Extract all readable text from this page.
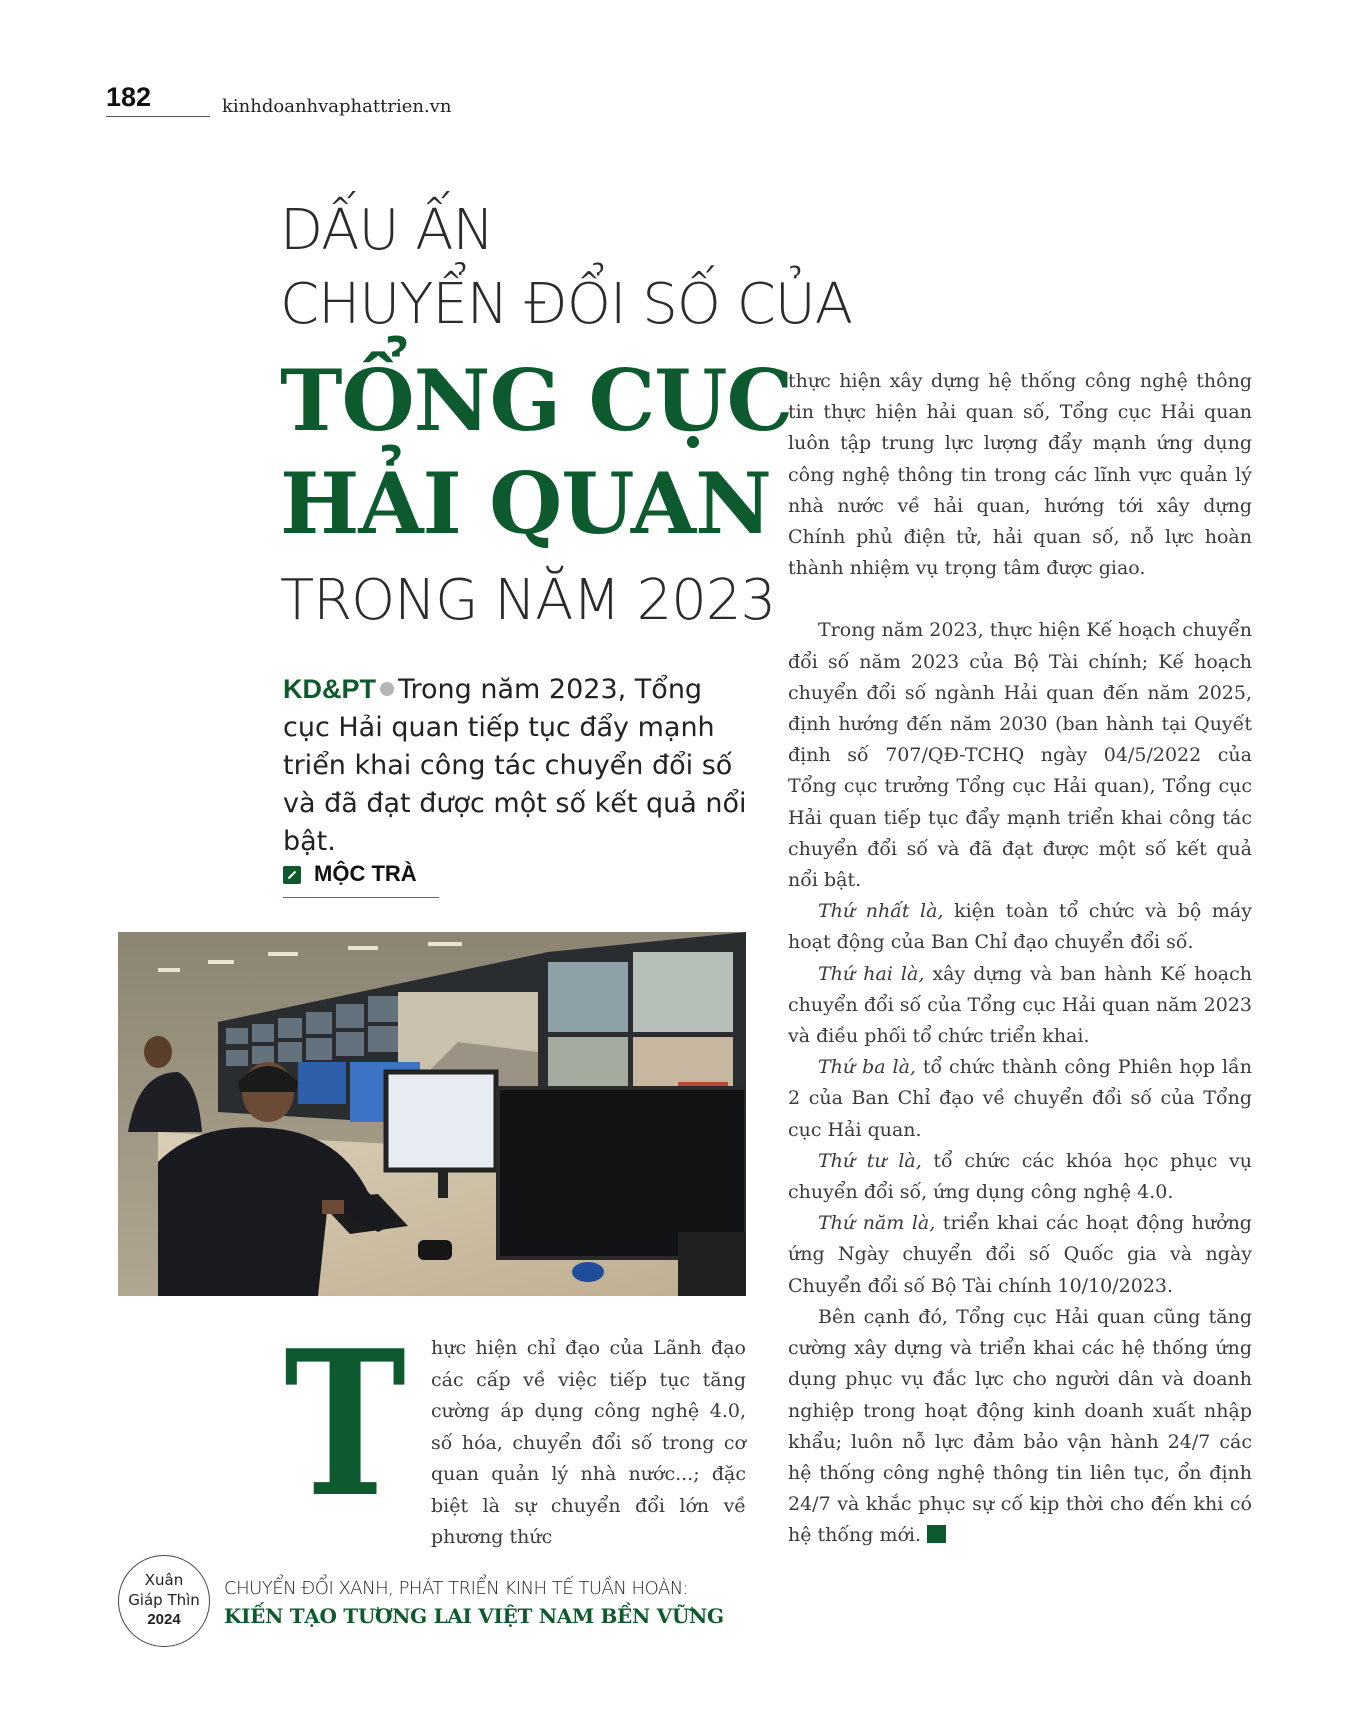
182	kinhdoanhvaphattrien.vn
DẤU ẤN
CHUYỂN ĐỔI SỐ CỦA
TỔNG CỤC
HẢI QUAN
TRONG NĂM 2023
KD&PT Trong năm 2023, Tổng cục Hải quan tiếp tục đẩy mạnh triển khai công tác chuyển đổi số và đã đạt được một số kết quả nổi bật.
MỘC TRÀ
T hực hiện chỉ đạo của Lãnh đạo các cấp về việc tiếp tục tăng cường áp dụng công nghệ 4.0, số hóa, chuyển đổi số trong cơ quan quản lý nhà nước...; đặc biệt là sự chuyển đổi lớn về phương thức

thực hiện xây dựng hệ thống công nghệ thông tin thực hiện hải quan số, Tổng cục Hải quan luôn tập trung lực lượng đẩy mạnh ứng dụng công nghệ thông tin trong các lĩnh vực quản lý nhà nước về hải quan, hướng tới xây dựng Chính phủ điện tử, hải quan số, nỗ lực hoàn thành nhiệm vụ trọng tâm được giao.

Trong năm 2023, thực hiện Kế hoạch chuyển đổi số năm 2023 của Bộ Tài chính; Kế hoạch chuyển đổi số ngành Hải quan đến năm 2025, định hướng đến năm 2030 (ban hành tại Quyết định số 707/QĐ-TCHQ ngày 04/5/2022 của Tổng cục trưởng Tổng cục Hải quan), Tổng cục Hải quan tiếp tục đẩy mạnh triển khai công tác chuyển đổi số và đã đạt được một số kết quả nổi bật.

Thứ nhất là, kiện toàn tổ chức và bộ máy hoạt động của Ban Chỉ đạo chuyển đổi số.

Thứ hai là, xây dựng và ban hành Kế hoạch chuyển đổi số của Tổng cục Hải quan năm 2023 và điều phối tổ chức triển khai.

Thứ ba là, tổ chức thành công Phiên họp lần 2 của Ban Chỉ đạo về chuyển đổi số của Tổng cục Hải quan.

Thứ tư là, tổ chức các khóa học phục vụ chuyển đổi số, ứng dụng công nghệ 4.0.

Thứ năm là, triển khai các hoạt động hưởng ứng Ngày chuyển đổi số Quốc gia và ngày Chuyển đổi số Bộ Tài chính 10/10/2023.

Bên cạnh đó, Tổng cục Hải quan cũng tăng cường xây dựng và triển khai các hệ thống ứng dụng phục vụ đắc lực cho người dân và doanh nghiệp trong hoạt động kinh doanh xuất nhập khẩu; luôn nỗ lực đảm bảo vận hành 24/7 các hệ thống công nghệ thông tin liên tục, ổn định 24/7 và khắc phục sự cố kịp thời cho đến khi có hệ thống mới.

Xuân
Giáp Thìn
2024
CHUYỂN ĐỔI XANH, PHÁT TRIỂN KINH TẾ TUẦN HOÀN:
KIẾN TẠO TƯƠNG LAI VIỆT NAM BỀN VỮNG
